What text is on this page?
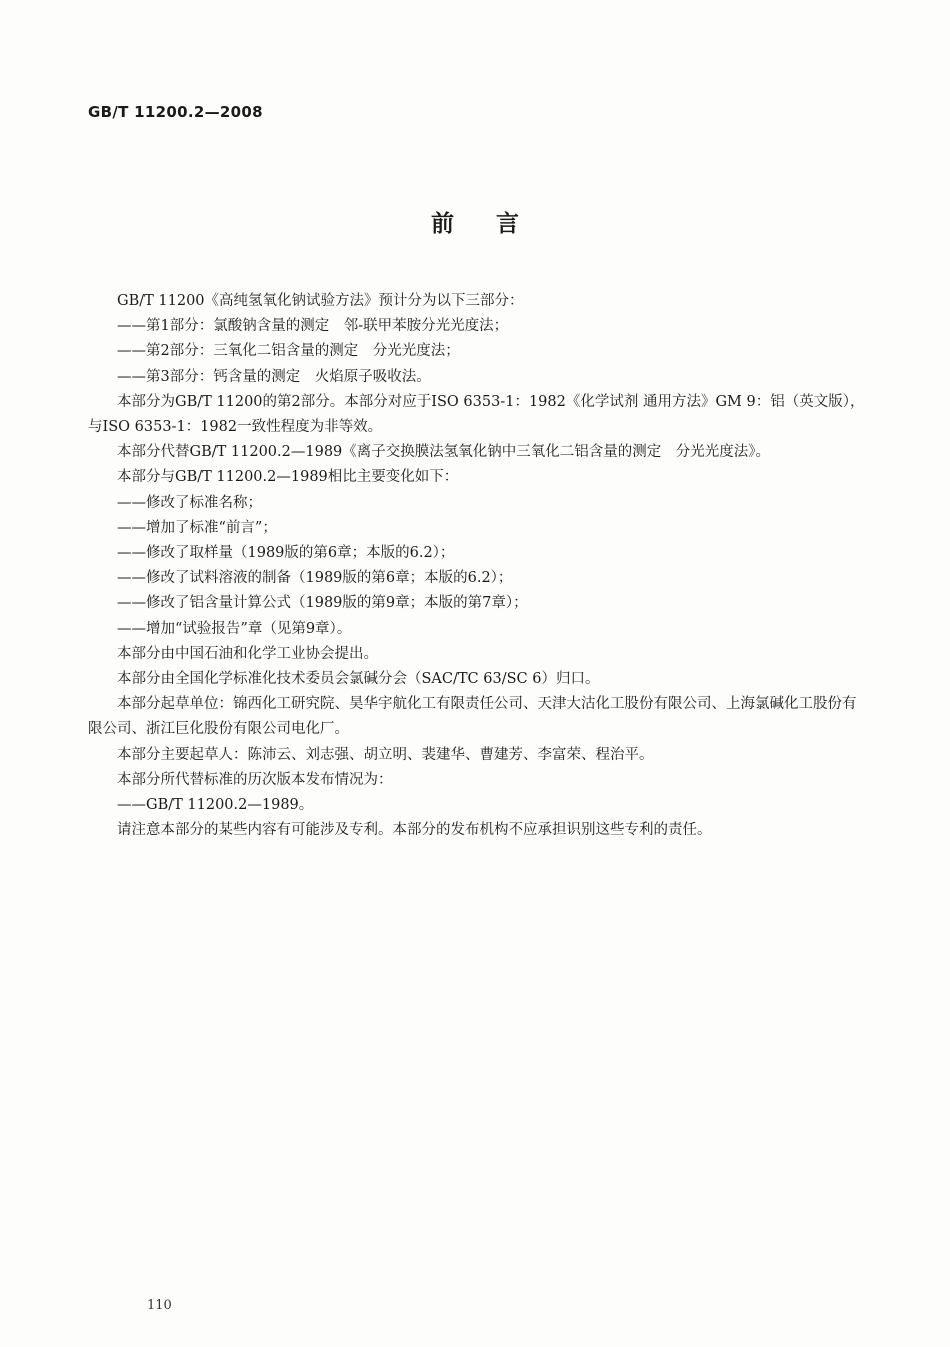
GB/T 11200.2—2008
前言

GB/T 11200《高纯氢氧化钠试验方法》预计分为以下三部分：

——第1部分：氯酸钠含量的测定　邻-联甲苯胺分光光度法；

——第2部分：三氧化二铝含量的测定　分光光度法；

——第3部分：钙含量的测定　火焰原子吸收法。

本部分为GB/T 11200的第2部分。本部分对应于ISO 6353-1：1982《化学试剂 通用方法》GM 9：铝（英文版），与ISO 6353-1：1982一致性程度为非等效。

本部分代替GB/T 11200.2—1989《离子交换膜法氢氧化钠中三氧化二铝含量的测定　分光光度法》。

本部分与GB/T 11200.2—1989相比主要变化如下：

——修改了标准名称；

——增加了标准“前言”；

——修改了取样量（1989版的第6章；本版的6.2）；

——修改了试料溶液的制备（1989版的第6章；本版的6.2）；

——修改了铝含量计算公式（1989版的第9章；本版的第7章）；

——增加“试验报告”章（见第9章）。

本部分由中国石油和化学工业协会提出。

本部分由全国化学标准化技术委员会氯碱分会（SAC/TC 63/SC 6）归口。

本部分起草单位：锦西化工研究院、昊华宇航化工有限责任公司、天津大沽化工股份有限公司、上海氯碱化工股份有限公司、浙江巨化股份有限公司电化厂。

本部分主要起草人：陈沛云、刘志强、胡立明、裴建华、曹建芳、李富荣、程治平。

本部分所代替标准的历次版本发布情况为：

——GB/T 11200.2—1989。

请注意本部分的某些内容有可能涉及专利。本部分的发布机构不应承担识别这些专利的责任。

110
